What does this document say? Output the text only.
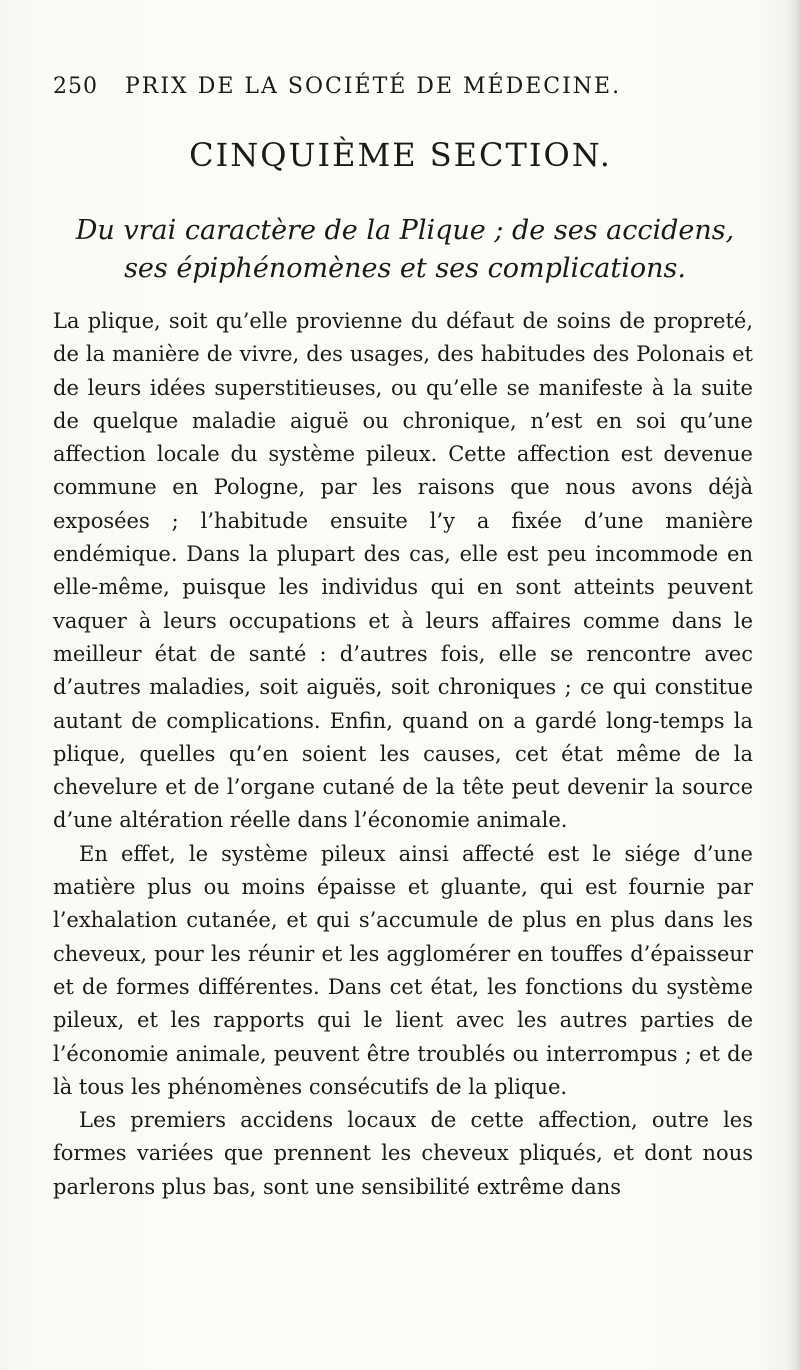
250 PRIX DE LA SOCIÉTÉ DE MÉDECINE.
CINQUIÈME SECTION.
Du vrai caractère de la Plique ; de ses accidens, ses épiphénomènes et ses complications.

La plique, soit qu’elle provienne du défaut de soins de propreté, de la manière de vivre, des usages, des habitudes des Polonais et de leurs idées superstitieuses, ou qu’elle se manifeste à la suite de quelque maladie aiguë ou chronique, n’est en soi qu’une affection locale du système pileux. Cette affection est devenue commune en Pologne, par les raisons que nous avons déjà exposées ; l’habitude ensuite l’y a fixée d’une manière endémique. Dans la plupart des cas, elle est peu incommode en elle-même, puisque les individus qui en sont atteints peuvent vaquer à leurs occupations et à leurs affaires comme dans le meilleur état de santé : d’autres fois, elle se rencontre avec d’autres maladies, soit aiguës, soit chroniques ; ce qui constitue autant de complications. Enfin, quand on a gardé long-temps la plique, quelles qu’en soient les causes, cet état même de la chevelure et de l’organe cutané de la tête peut devenir la source d’une altération réelle dans l’économie animale.

En effet, le système pileux ainsi affecté est le siége d’une matière plus ou moins épaisse et gluante, qui est fournie par l’exhalation cutanée, et qui s’accumule de plus en plus dans les cheveux, pour les réunir et les agglomérer en touffes d’épaisseur et de formes différentes. Dans cet état, les fonctions du système pileux, et les rapports qui le lient avec les autres parties de l’économie animale, peuvent être troublés ou interrompus ; et de là tous les phénomènes consécutifs de la plique.

Les premiers accidens locaux de cette affection, outre les formes variées que prennent les cheveux pliqués, et dont nous parlerons plus bas, sont une sensibilité extrême dans
